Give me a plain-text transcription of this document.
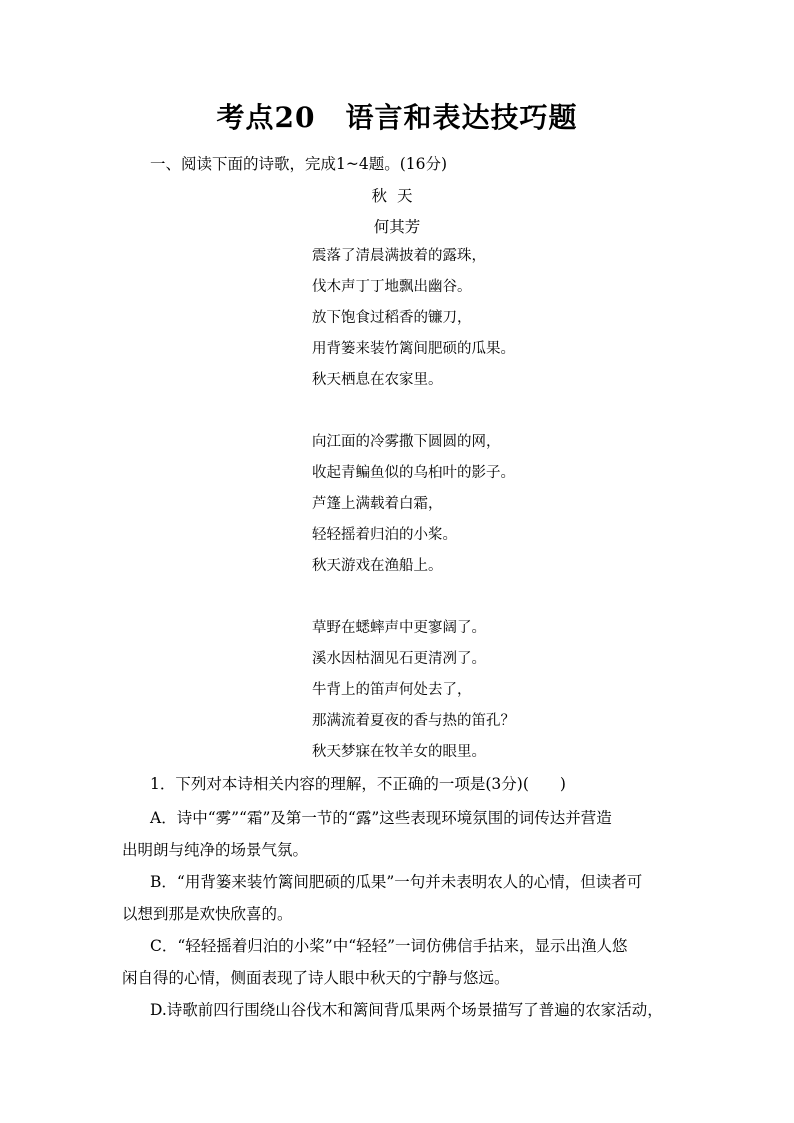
考点20 语言和表达技巧题
一、阅读下面的诗歌，完成1~4题。(16分)
秋天
何其芳
震落了清晨满披着的露珠，
伐木声丁丁地飘出幽谷。
放下饱食过稻香的镰刀，
用背篓来装竹篱间肥硕的瓜果。
秋天栖息在农家里。
向江面的冷雾撒下圆圆的网，
收起青鳊鱼似的乌桕叶的影子。
芦篷上满载着白霜，
轻轻摇着归泊的小桨。
秋天游戏在渔船上。
草野在蟋蟀声中更寥阔了。
溪水因枯涸见石更清冽了。
牛背上的笛声何处去了，
那满流着夏夜的香与热的笛孔？
秋天梦寐在牧羊女的眼里。
1．下列对本诗相关内容的理解，不正确的一项是(3分)(　　)
A．诗中“雾”“霜”及第一节的“露”这些表现环境氛围的词传达并营造
出明朗与纯净的场景气氛。
B．“用背篓来装竹篱间肥硕的瓜果”一句并未表明农人的心情，但读者可
以想到那是欢快欣喜的。
C．“轻轻摇着归泊的小桨”中“轻轻”一词仿佛信手拈来，显示出渔人悠
闲自得的心情，侧面表现了诗人眼中秋天的宁静与悠远。
D.诗歌前四行围绕山谷伐木和篱间背瓜果两个场景描写了普遍的农家活动，
